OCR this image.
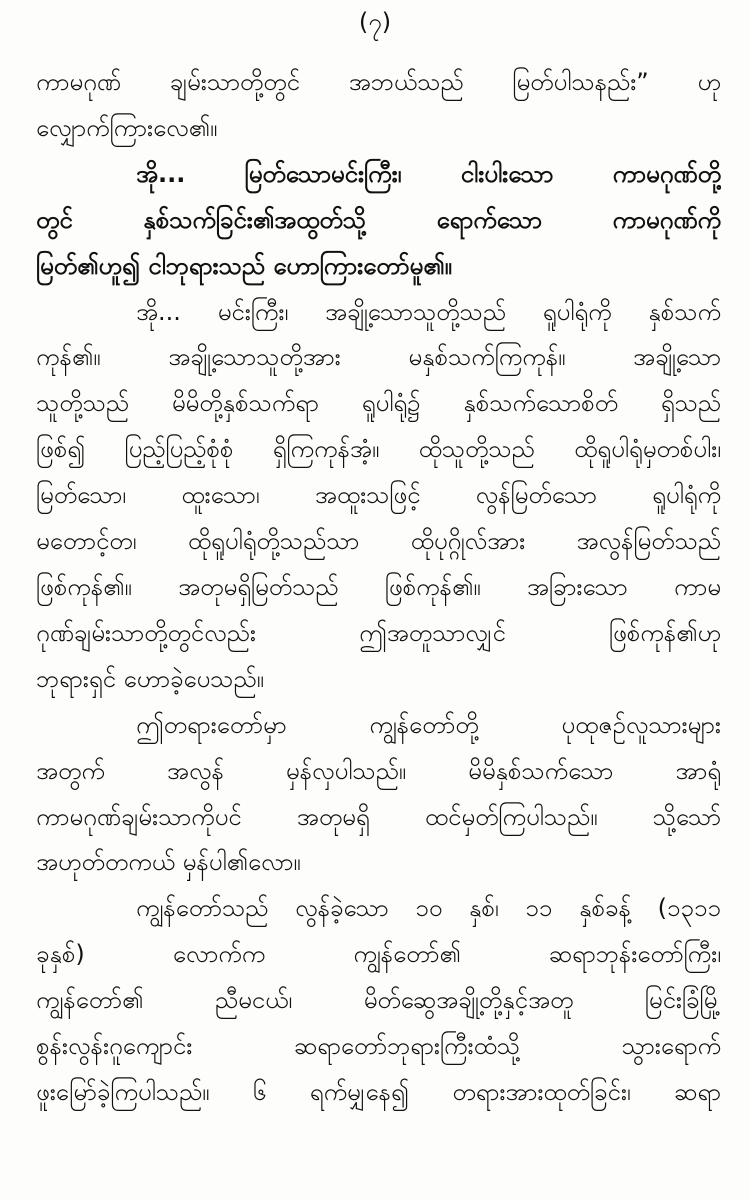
(၇)
ကာမဂုဏ် ချမ်းသာတို့တွင် အဘယ်သည် မြတ်ပါသနည်း” ဟု
လျှောက်ကြားလေ၏။
အို... မြတ်သောမင်းကြီး၊ ငါးပါးသော ကာမဂုဏ်တို့
တွင် နှစ်သက်ခြင်း၏အထွတ်သို့ ရောက်သော ကာမဂုဏ်ကို
မြတ်၏ဟူ၍ ငါဘုရားသည် ဟောကြားတော်မူ၏။
အို... မင်းကြီး၊ အချို့သောသူတို့သည် ရူပါရုံကို နှစ်သက်
ကုန်၏။ အချို့သောသူတို့အား မနှစ်သက်ကြကုန်။ အချို့သော
သူတို့သည် မိမိတို့နှစ်သက်ရာ ရူပါရုံ၌ နှစ်သက်သောစိတ် ရှိသည်
ဖြစ်၍ ပြည့်ပြည့်စုံစုံ ရှိကြကုန်အံ့။ ထိုသူတို့သည် ထိုရူပါရုံမှတစ်ပါး၊
မြတ်သော၊ ထူးသော၊ အထူးသဖြင့် လွန်မြတ်သော ရူပါရုံကို
မတောင့်တ၊ ထိုရူပါရုံတို့သည်သာ ထိုပုဂ္ဂိုလ်အား အလွန်မြတ်သည်
ဖြစ်ကုန်၏။ အတုမရှိမြတ်သည် ဖြစ်ကုန်၏။ အခြားသော ကာမ
ဂုဏ်ချမ်းသာတို့တွင်လည်း ဤအတူသာလျှင် ဖြစ်ကုန်၏ဟု
ဘုရားရှင် ဟောခဲ့ပေသည်။
ဤတရားတော်မှာ ကျွန်တော်တို့ ပုထုဇဉ်လူသားများ
အတွက် အလွန် မှန်လှပါသည်။ မိမိနှစ်သက်သော အာရုံ
ကာမဂုဏ်ချမ်းသာကိုပင် အတုမရှိ ထင်မှတ်ကြပါသည်။ သို့သော်
အဟုတ်တကယ် မှန်ပါ၏လော။
ကျွန်တော်သည် လွန်ခဲ့သော ၁၀ နှစ်၊ ၁၁ နှစ်ခန့် (၁၃၁၁
ခုနှစ်) လောက်က ကျွန်တော်၏ ဆရာဘုန်းတော်ကြီး၊
ကျွန်တော်၏ ညီမငယ်၊ မိတ်ဆွေအချို့တို့နှင့်အတူ မြင်းခြံမြို့
စွန်းလွန်းဂူကျောင်း ဆရာတော်ဘုရားကြီးထံသို့ သွားရောက်
ဖူးမြော်ခဲ့ကြပါသည်။ ၆ ရက်မျှနေ၍ တရားအားထုတ်ခြင်း၊ ဆရာ
